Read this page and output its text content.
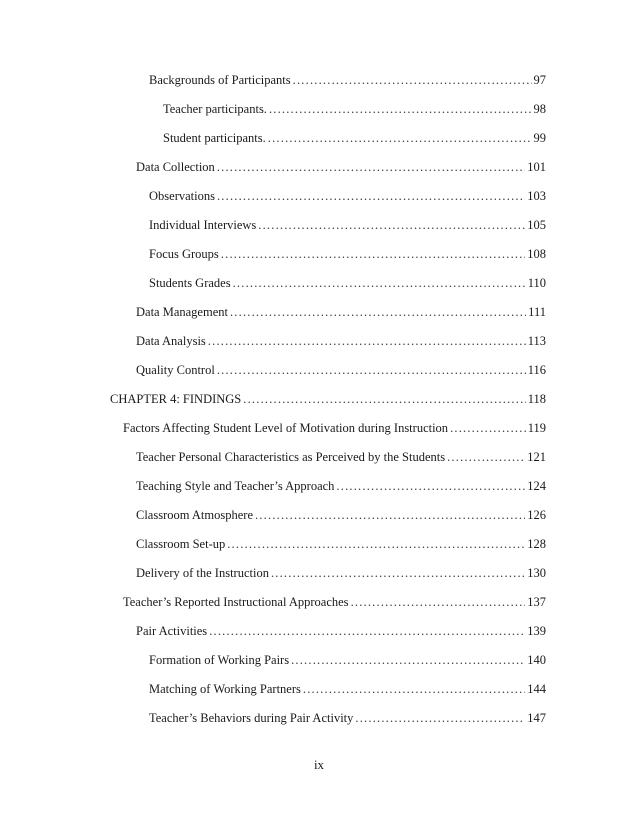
Backgrounds of Participants .....	97
Teacher participants. .....	98
Student participants. .....	99
Data Collection .....	101
Observations .....	103
Individual Interviews .....	105
Focus Groups .....	108
Students Grades .....	110
Data Management .....	111
Data Analysis .....	113
Quality Control .....	116
CHAPTER 4: FINDINGS .....	118
Factors Affecting Student Level of Motivation during Instruction .....	119
Teacher Personal Characteristics as Perceived by the Students .....	121
Teaching Style and Teacher’s Approach .....	124
Classroom Atmosphere .....	126
Classroom Set-up .....	128
Delivery of the Instruction .....	130
Teacher’s Reported Instructional Approaches .....	137
Pair Activities .....	139
Formation of Working Pairs .....	140
Matching of Working Partners .....	144
Teacher’s Behaviors during Pair Activity .....	147
ix
